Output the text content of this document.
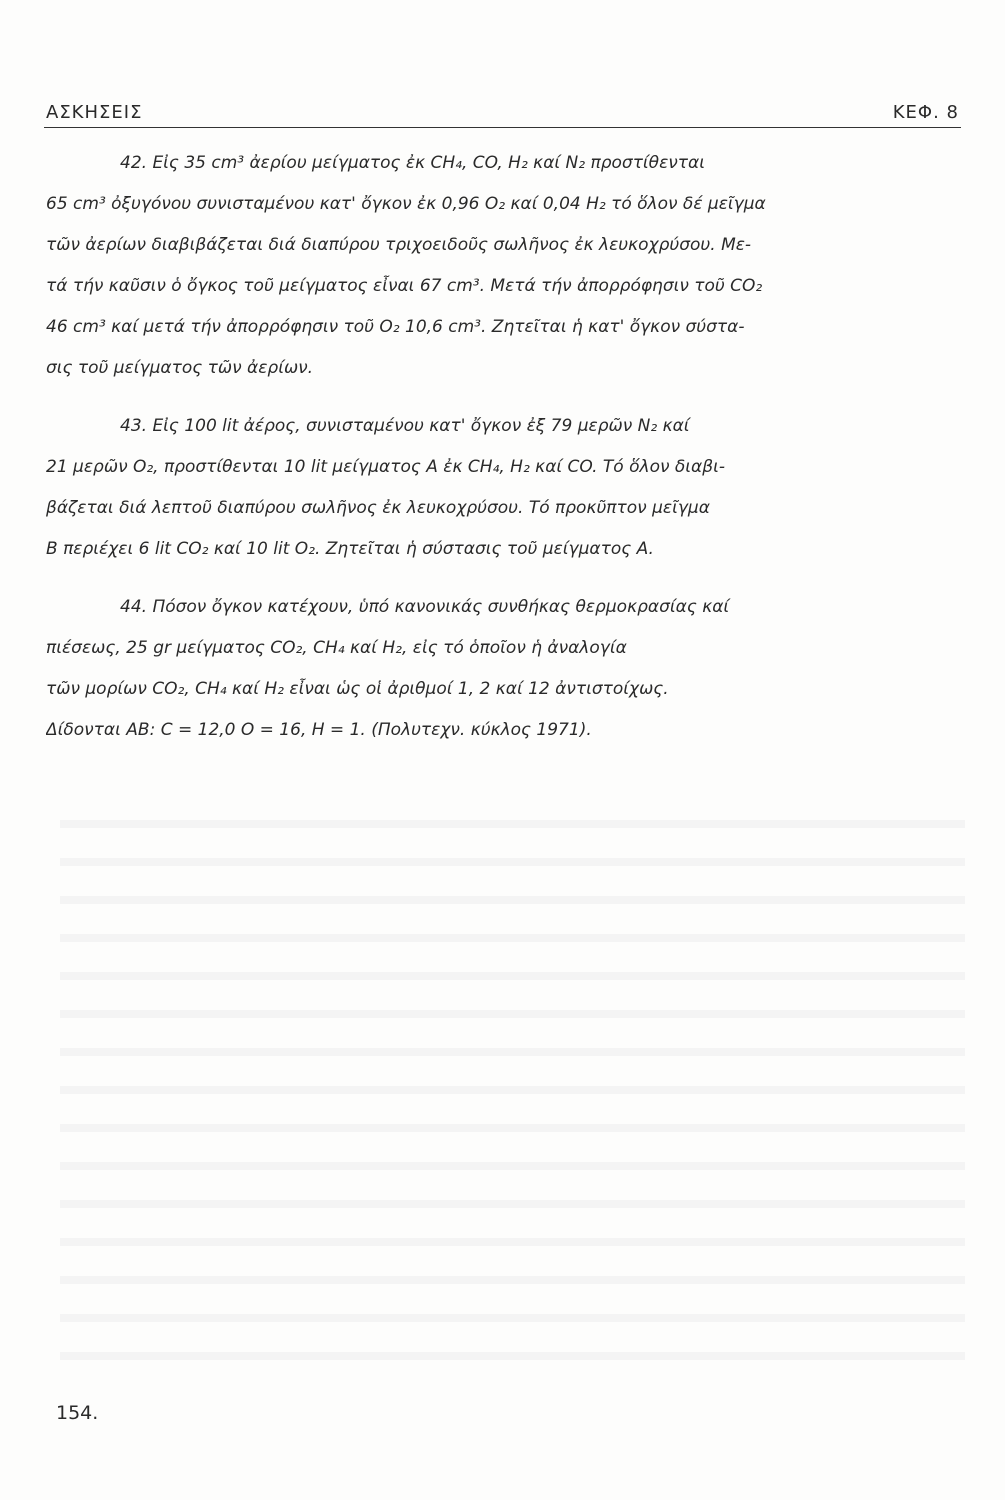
ΑΣΚΗΣΕΙΣ	ΚΕΦ. 8
42. Εἰς 35 cm³ ἀερίου μείγματος ἐκ CH₄, CO, H₂ καί N₂ προστίθενται
65 cm³ ὀξυγόνου συνισταμένου κατ' ὄγκον ἐκ 0,96 O₂ καί 0,04 H₂ τό ὅλον δέ μεῖγμα
τῶν ἀερίων διαβιβάζεται διά διαπύρου τριχοειδοῦς σωλῆνος ἐκ λευκοχρύσου. Με-
τά τήν καῦσιν ὁ ὄγκος τοῦ μείγματος εἶναι 67 cm³. Μετά τήν ἀπορρόφησιν τοῦ CO₂
46 cm³ καί μετά τήν ἀπορρόφησιν τοῦ O₂ 10,6 cm³. Ζητεῖται ἡ κατ' ὄγκον σύστα-
σις τοῦ μείγματος τῶν ἀερίων.
43. Εἰς 100 lit ἀέρος, συνισταμένου κατ' ὄγκον ἐξ 79 μερῶν N₂ καί
21 μερῶν O₂, προστίθενται 10 lit μείγματος A ἐκ CH₄, H₂ καί CO. Τό ὅλον διαβι-
βάζεται διά λεπτοῦ διαπύρου σωλῆνος ἐκ λευκοχρύσου. Τό προκῦπτον μεῖγμα
B περιέχει 6 lit CO₂ καί 10 lit O₂. Ζητεῖται ἡ σύστασις τοῦ μείγματος A.
44. Πόσον ὄγκον κατέχουν, ὑπό κανονικάς συνθήκας θερμοκρασίας καί
πιέσεως, 25 gr μείγματος CO₂, CH₄ καί H₂, εἰς τό ὁποῖον ἡ ἀναλογία
τῶν μορίων CO₂, CH₄ καί H₂ εἶναι ὡς οἱ ἀριθμοί 1, 2 καί 12 ἀντιστοίχως.
Δίδονται AB: C = 12,0 O = 16, H = 1. (Πολυτεχν. κύκλος 1971).
154.
